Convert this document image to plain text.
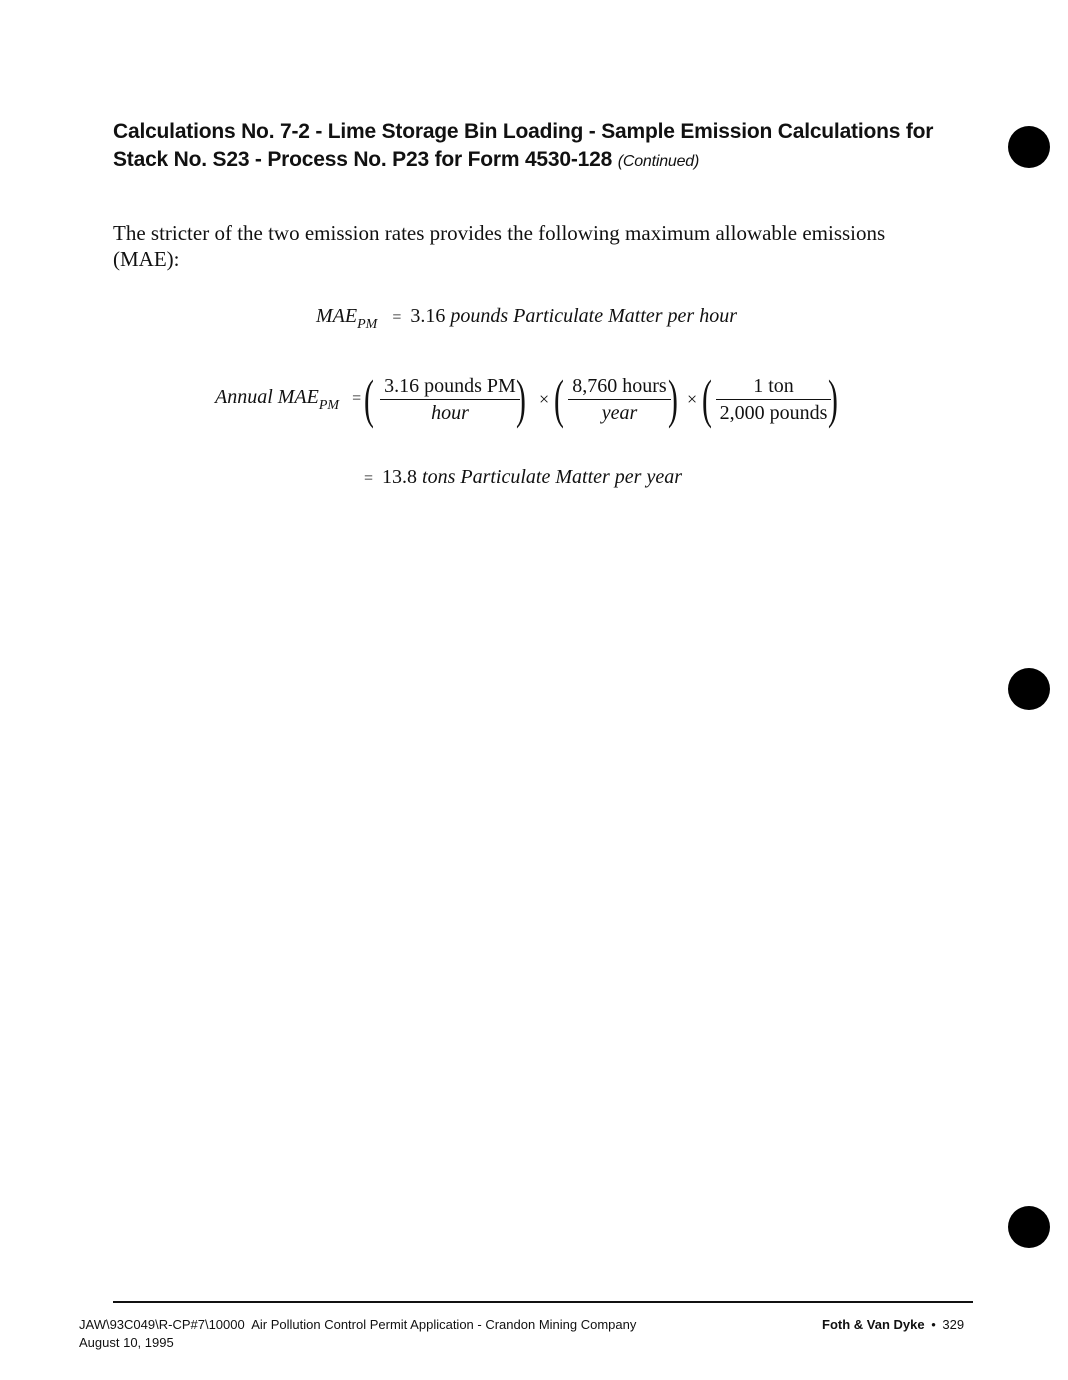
Calculations No. 7-2 - Lime Storage Bin Loading - Sample Emission Calculations for
Stack No. S23 - Process No. P23 for Form 4530-128 (Continued)
The stricter of the two emission rates provides the following maximum allowable emissions (MAE):
$MAE_{PM} = 3.16$ pounds Particulate Matter per hour
Annual $MAE_{PM}$ = ( 3.16 pounds PM
hour ) × ( 8,760 hours
year ) × (	1 ton
2,000 pounds )
= 13.8 tons Particulate Matter per year
JAW\93C049\R-CP#7\10000 Air Pollution Control Permit Application - Crandon Mining Company
August 10, 1995
Foth & Van Dyke • 329
